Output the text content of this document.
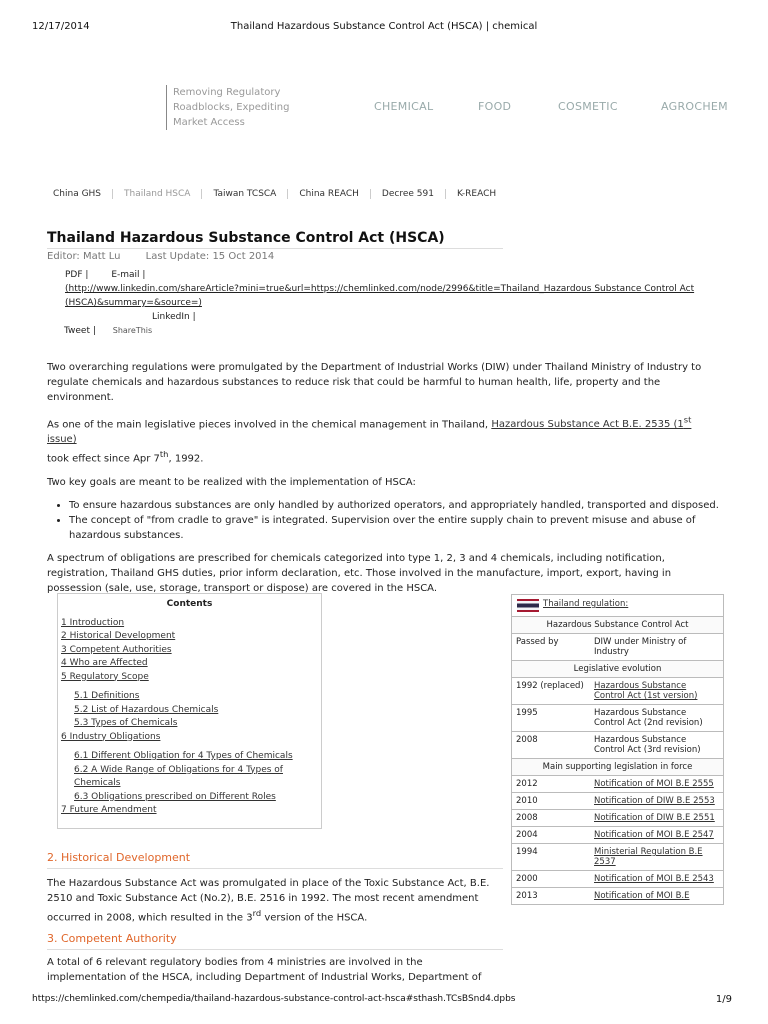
12/17/2014	Thailand Hazardous Substance Control Act (HSCA) | chemical
https://chemlinked.com/chempedia/thailand-hazardous-substance-control-act-hsca#sthash.TCsBSnd4.dpbs	1/9
Removing Regulatory
Roadblocks, Expediting
Market Access
CHEMICAL	FOOD	COSMETIC	AGROCHEM
China GHS	Thailand HSCA	Taiwan TCSCA	China REACH	Decree 591	K-REACH
Thailand Hazardous Substance Control Act (HSCA)
Editor: Matt Lu	Last Update: 15 Oct 2014
PDF | E-mail |
(http://www.linkedin.com/shareArticle?mini=true&url=https://chemlinked.com/node/2996&title=Thailand_Hazardous Substance Control Act (HSCA)&summary=&source=)
LinkedIn |
Tweet | ShareThis

Two overarching regulations were promulgated by the Department of Industrial Works (DIW) under Thailand Ministry of Industry to regulate chemicals and hazardous substances to reduce risk that could be harmful to human health, life, property and the environment.

As one of the main legislative pieces involved in the chemical management in Thailand, Hazardous Substance Act B.E. 2535 (1st issue)
took effect since Apr 7th, 1992.

Two key goals are meant to be realized with the implementation of HSCA:

• To ensure hazardous substances are only handled by authorized operators, and appropriately handled, transported and disposed.
• The concept of "from cradle to grave" is integrated. Supervision over the entire supply chain to prevent misuse and abuse of hazardous substances.

A spectrum of obligations are prescribed for chemicals categorized into type 1, 2, 3 and 4 chemicals, including notification, registration, Thailand GHS duties, prior inform declaration, etc. Those involved in the manufacture, import, export, having in possession (sale, use, storage, transport or dispose) are covered in the HSCA.

Contents
1 Introduction
2 Historical Development
3 Competent Authorities
4 Who are Affected
5 Regulatory Scope
5.1 Definitions
5.2 List of Hazardous Chemicals
5.3 Types of Chemicals
6 Industry Obligations
6.1 Different Obligation for 4 Types of Chemicals
6.2 A Wide Range of Obligations for 4 Types of Chemicals
6.3 Obligations prescribed on Different Roles
7 Future Amendment
2. Historical Development
The Hazardous Substance Act was promulgated in place of the Toxic Substance Act, B.E. 2510 and Toxic Substance Act (No.2), B.E. 2516 in 1992. The most recent amendment occurred in 2008, which resulted in the 3rd version of the HSCA.
3. Competent Authority
A total of 6 relevant regulatory bodies from 4 ministries are involved in the implementation of the HSCA, including Department of Industrial Works, Department of
Thailand regulation:
Hazardous Substance Control Act
Passed by	DIW under Ministry of Industry
Legislative evolution
1992 (replaced)	Hazardous Substance Control Act (1st version)
1995	Hazardous Substance Control Act (2nd revision)
2008	Hazardous Substance Control Act (3rd revision)
Main supporting legislation in force
2012	Notification of MOI B.E 2555
2010	Notification of DIW B.E 2553
2008	Notification of DIW B.E 2551
2004	Notification of MOI B.E 2547
1994	Ministerial Regulation B.E 2537
2000	Notification of MOI B.E 2543
2013	Notification of MOI B.E
